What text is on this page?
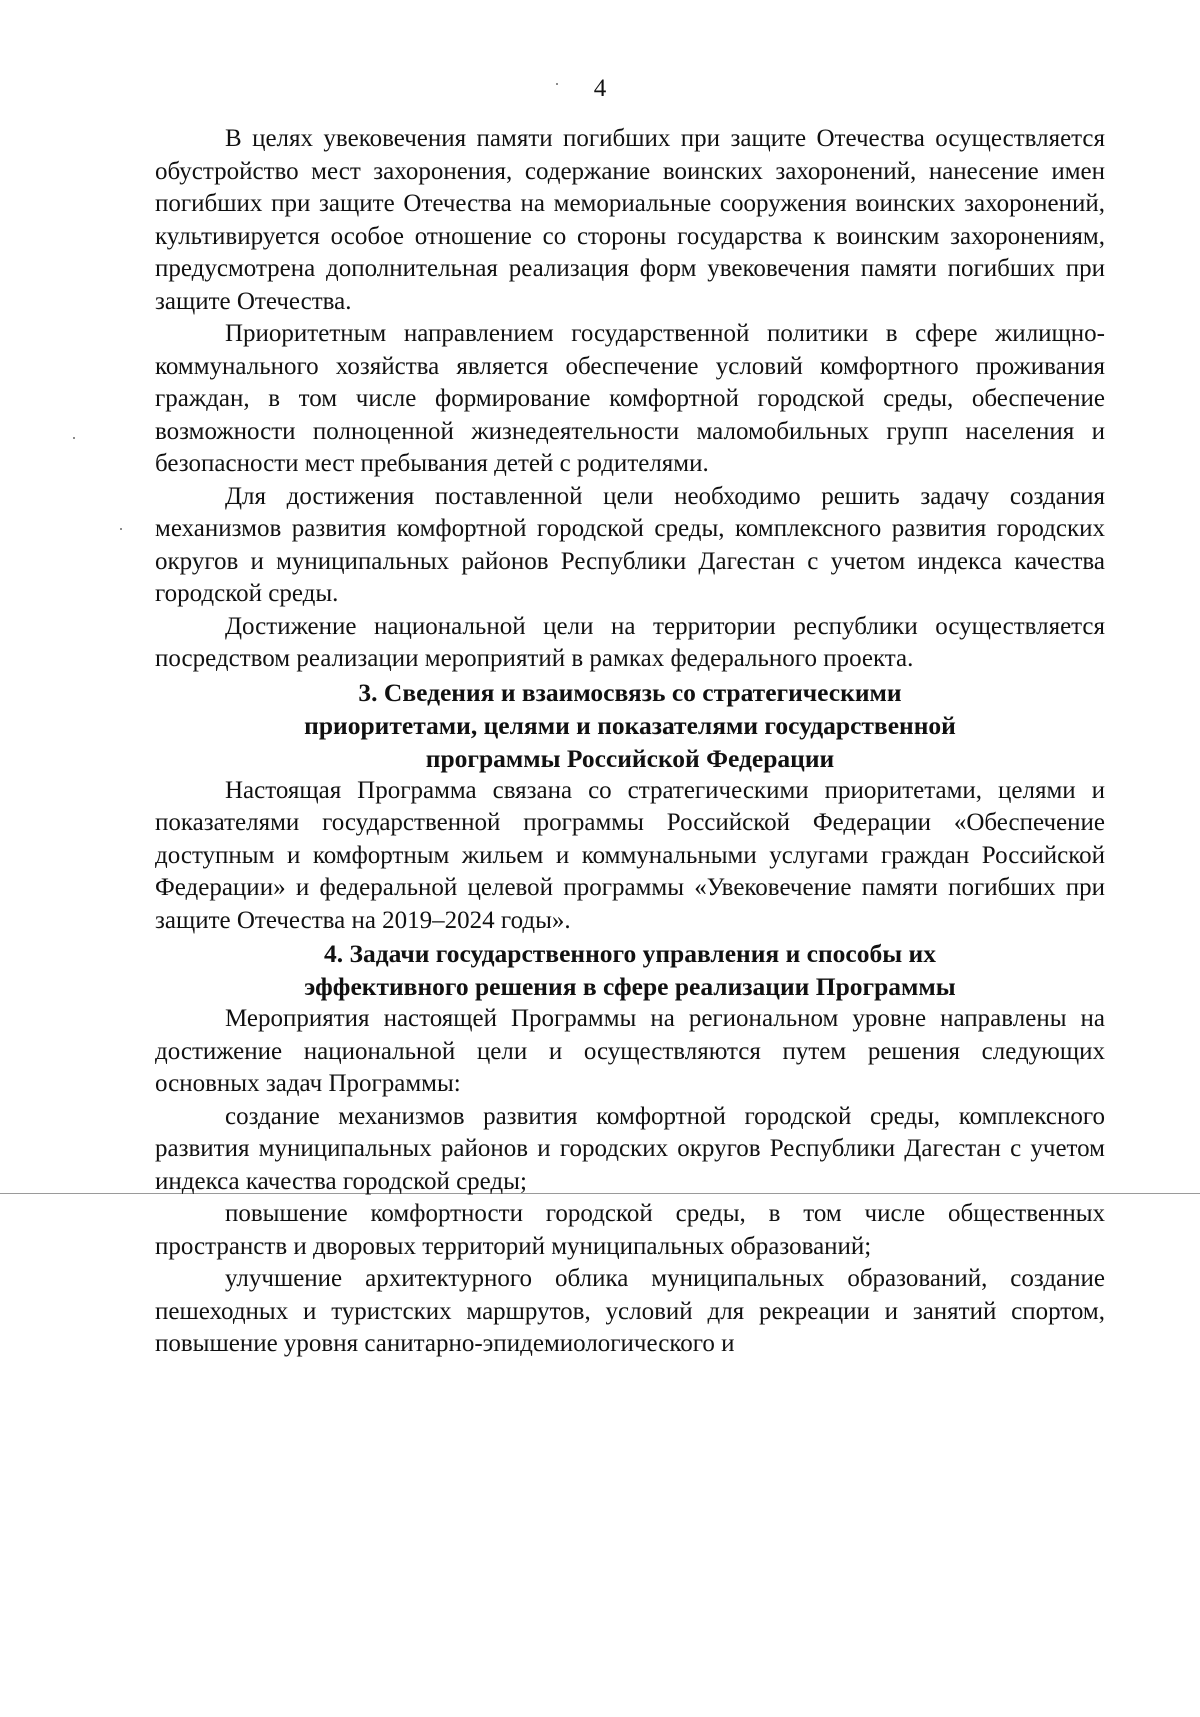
4

В целях увековечения памяти погибших при защите Отечества осуществляется обустройство мест захоронения, содержание воинских захоронений, нанесение имен погибших при защите Отечества на мемориальные сооружения воинских захоронений, культивируется особое отношение со стороны государства к воинским захоронениям, предусмотрена дополнительная реализация форм увековечения памяти погибших при защите Отечества.

Приоритетным направлением государственной политики в сфере жилищно-коммунального хозяйства является обеспечение условий комфортного проживания граждан, в том числе формирование комфортной городской среды, обеспечение возможности полноценной жизнедеятельности маломобильных групп населения и безопасности мест пребывания детей с родителями.

Для достижения поставленной цели необходимо решить задачу создания механизмов развития комфортной городской среды, комплексного развития городских округов и муниципальных районов Республики Дагестан с учетом индекса качества городской среды.

Достижение национальной цели на территории республики осуществляется посредством реализации мероприятий в рамках федерального проекта.

3. Сведения и взаимосвязь со стратегическими
приоритетами, целями и показателями государственной
программы Российской Федерации

Настоящая Программа связана со стратегическими приоритетами, целями и показателями государственной программы Российской Федерации «Обеспечение доступным и комфортным жильем и коммунальными услугами граждан Российской Федерации» и федеральной целевой программы «Увековечение памяти погибших при защите Отечества на 2019–2024 годы».

4. Задачи государственного управления и способы их
эффективного решения в сфере реализации Программы

Мероприятия настоящей Программы на региональном уровне направлены на достижение национальной цели и осуществляются путем решения следующих основных задач Программы:

создание механизмов развития комфортной городской среды, комплексного развития муниципальных районов и городских округов Республики Дагестан с учетом индекса качества городской среды;

повышение комфортности городской среды, в том числе общественных пространств и дворовых территорий муниципальных образований;

улучшение архитектурного облика муниципальных образований, создание пешеходных и туристских маршрутов, условий для рекреации и занятий спортом, повышение уровня санитарно-эпидемиологического и
